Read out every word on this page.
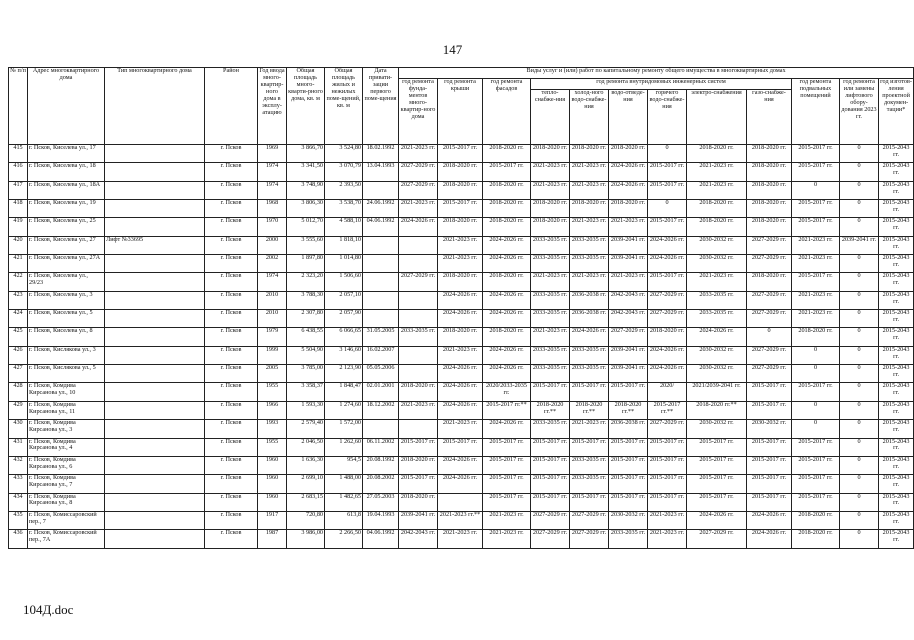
147
№ п/п	Адрес многоквартирного дома	Тип многоквартирного дома	Район	Год ввода много-квартир-ного дома в эксплу-атацию	Общая площадь много-кварти-рного дома, кв. м	Общая площадь жилых и нежилых поме-щений, кв. м	Дата привати-зации первого поме-щения	Виды услуг и (или) работ по капитальному ремонту общего имущества в многоквартирных домах											
								год ремонта фунда-ментов много-квартир-ного дома	год ремонта крыши	год ремонта фасадов	год ремонта внутридомовых инженерных систем						год ремонта подвальных помещений	год ремонта или замены лифтового обору-дования 2023 гг.	год изготов-ления проектной докумен-тации*
											тепло-снабже-ния	холод-ного водо-снабже-ния	водо-отведе-ния	горячего водо-снабже-ния	электро-снабжения	газо-снабже-ния			
415	г. Псков, Киселева ул., 17		г. Псков	1969	3 866,70	3 524,80	18.02.1992	2021-2023 гг.	2015-2017 гг.	2018-2020 гг.	2018-2020 гг.	2018-2020 гг.	2018-2020 гг.	0	2018-2020 гг.	2018-2020 гг.	2015-2017 гг.	0	2015-2043 гг.
416	г. Псков, Киселева ул., 18		г. Псков	1974	3 341,50	3 070,79	13.04.1993	2027-2029 гг.	2018-2020 гг.	2015-2017 гг.	2021-2023 гг.	2021-2023 гг.	2024-2026 гг.	2015-2017 гг.	2021-2023 гг.	2018-2020 гг.	2015-2017 гг.	0	2015-2043 гг.
417	г. Псков, Киселева ул., 18А		г. Псков	1974	3 748,90	2 393,50		2027-2029 гг.	2018-2020 гг.	2018-2020 гг.	2021-2023 гг.	2021-2023 гг.	2024-2026 гг.	2015-2017 гг.	2021-2023 гг.	2018-2020 гг.	0	0	2015-2043 гг.
418	г. Псков, Киселева ул., 19		г. Псков	1968	3 806,30	3 538,70	24.06.1992	2021-2023 гг.	2015-2017 гг.	2018-2020 гг.	2018-2020 гг.	2018-2020 гг.	2018-2020 гг.	0	2018-2020 гг.	2018-2020 гг.	2015-2017 гг.	0	2015-2043 гг.
419	г. Псков, Киселева ул., 25		г. Псков	1970	5 012,70	4 588,10	04.06.1992	2024-2026 гг.	2018-2020 гг.	2018-2020 гг.	2018-2020 гг.	2021-2023 гг.	2021-2023 гг.	2015-2017 гг.	2018-2020 гг.	2018-2020 гг.	2015-2017 гг.	0	2015-2043 гг.
420	г. Псков, Киселева ул., 27	Лифт №33695	г. Псков	2000	3 555,60	1 818,10			2021-2023 гг.	2024-2026 гг.	2033-2035 гг.	2033-2035 гг.	2039-2041 гг.	2024-2026 гг.	2030-2032 гг.	2027-2029 гг.	2021-2023 гг.	2039-2041 гг.	2015-2043 гг.
421	г. Псков, Киселева ул., 27А		г. Псков	2002	1 897,80	1 014,80			2021-2023 гг.	2024-2026 гг.	2033-2035 гг.	2033-2035 гг.	2039-2041 гг.	2024-2026 гг.	2030-2032 гг.	2027-2029 гг.	2021-2023 гг.	0	2015-2043 гг.
422	г. Псков, Киселева ул., 29/23		г. Псков	1974	2 323,20	1 506,60		2027-2029 гг.	2018-2020 гг.	2018-2020 гг.	2021-2023 гг.	2021-2023 гг.	2021-2023 гг.	2015-2017 гг.	2021-2023 гг.	2018-2020 гг.	2015-2017 гг.	0	2015-2043 гг.
423	г. Псков, Киселева ул., 3		г. Псков	2010	3 788,30	2 057,10			2024-2026 гг.	2024-2026 гг.	2033-2035 гг.	2036-2038 гг.	2042-2043 гг.	2027-2029 гг.	2033-2035 гг.	2027-2029 гг.	2021-2023 гг.	0	2015-2043 гг.
424	г. Псков, Киселева ул., 5		г. Псков	2010	2 307,80	2 057,90			2024-2026 гг.	2024-2026 гг.	2033-2035 гг.	2036-2038 гг.	2042-2043 гг.	2027-2029 гг.	2033-2035 гг.	2027-2029 гг.	2021-2023 гг.	0	2015-2043 гг.
425	г. Псков, Киселева ул., 8		г. Псков	1979	6 438,55	6 066,65	31.05.2005	2033-2035 гг.	2018-2020 гг.	2018-2020 гг.	2021-2023 гг.	2024-2026 гг.	2027-2029 гг.	2018-2020 гг.	2024-2026 гг.	0	2018-2020 гг.	0	2015-2043 гг.
426	г. Псков, Кисляковa ул., 3		г. Псков	1999	5 504,90	3 146,60	16.02.2007		2021-2023 гг.	2024-2026 гг.	2033-2035 гг.	2033-2035 гг.	2039-2041 гг.	2024-2026 гг.	2030-2032 гг.	2027-2029 гг.	0	0	2015-2043 гг.
427	г. Псков, Кисляковa ул., 5		г. Псков	2005	3 785,00	2 123,90	05.05.2006		2024-2026 гг.	2024-2026 гг.	2033-2035 гг.	2033-2035 гг.	2039-2041 гг.	2024-2026 гг.	2030-2032 гг.	2027-2029 гг.	0	0	2015-2043 гг.
428	г. Псков, Комдива Кирсанова ул., 10		г. Псков	1955	3 358,37	1 848,47	02.01.2001	2018-2020 гг.	2024-2026 гг.	2020/2033-2035 гг.	2015-2017 гг.	2015-2017 гг.	2015-2017 гг.	2020/	2021/2039-2041 гг.	2015-2017 гг.	2015-2017 гг.	0	2015-2043 гг.
429	г. Псков, Комдива Кирсанова ул., 11		г. Псков	1966	1 593,30	1 274,60	18.12.2002	2021-2023 гг.	2024-2026 гг.	2015-2017 гг.**	2018-2020 гг.**	2018-2020 гг.**	2018-2020 гг.**	2015-2017 гг.**	2018-2020 гг.**	2015-2017 гг.	0	0	2015-2043 гг.
430	г. Псков, Комдива Кирсанова ул., 3		г. Псков	1993	2 579,40	1 572,00			2021-2023 гг.	2024-2026 гг.	2033-2035 гг.	2021-2023 гг.	2036-2038 гг.	2027-2029 гг.	2030-2032 гг.	2030-2032 гг.	0	0	2015-2043 гг.
431	г. Псков, Комдива Кирсанова ул., 4		г. Псков	1955	2 046,50	1 262,60	06.11.2002	2015-2017 гг.	2015-2017 гг.	2015-2017 гг.	2015-2017 гг.	2015-2017 гг.	2015-2017 гг.	2015-2017 гг.	2015-2017 гг.	2015-2017 гг.	2015-2017 гг.	0	2015-2043 гг.
432	г. Псков, Комдива Кирсанова ул., 6		г. Псков	1960	1 636,30	954,5	20.08.1992	2018-2020 гг.	2024-2026 гг.	2015-2017 гг.	2015-2017 гг.	2033-2035 гг.	2015-2017 гг.	2015-2017 гг.	2015-2017 гг.	2015-2017 гг.	2015-2017 гг.	0	2015-2043 гг.
433	г. Псков, Комдива Кирсанова ул., 7		г. Псков	1960	2 699,10	1 488,00	20.08.2002	2015-2017 гг.	2024-2026 гг.	2015-2017 гг.	2015-2017 гг.	2033-2035 гг.	2015-2017 гг.	2015-2017 гг.	2015-2017 гг.	2015-2017 гг.	2015-2017 гг.	0	2015-2043 гг.
434	г. Псков, Комдива Кирсанова ул., 8		г. Псков	1960	2 683,15	1 482,65	27.05.2003	2018-2020 гг.		2015-2017 гг.	2015-2017 гг.	2015-2017 гг.	2015-2017 гг.	2015-2017 гг.	2015-2017 гг.	2015-2017 гг.	2015-2017 гг.	0	2015-2043 гг.
435	г. Псков, Комиссаровский пер., 7		г. Псков	1917	720,80	613,8	19.04.1993	2039-2041 гг.	2021-2023 гг.**	2021-2023 гг.	2027-2029 гг.	2027-2029 гг.	2030-2032 гг.	2021-2023 гг.	2024-2026 гг.	2024-2026 гг.	2018-2020 гг.	0	2015-2043 гг.
436	г. Псков, Комиссаровский пер., 7А		г. Псков	1987	3 986,00	2 266,50	04.06.1992	2042-2043 гг.	2021-2023 гг.	2021-2023 гг.	2027-2029 гг.	2027-2029 гг.	2033-2035 гг.	2021-2023 гг.	2027-2029 гг.	2024-2026 гг.	2018-2020 гг.	0	2015-2043 гг.
104Д.doc
